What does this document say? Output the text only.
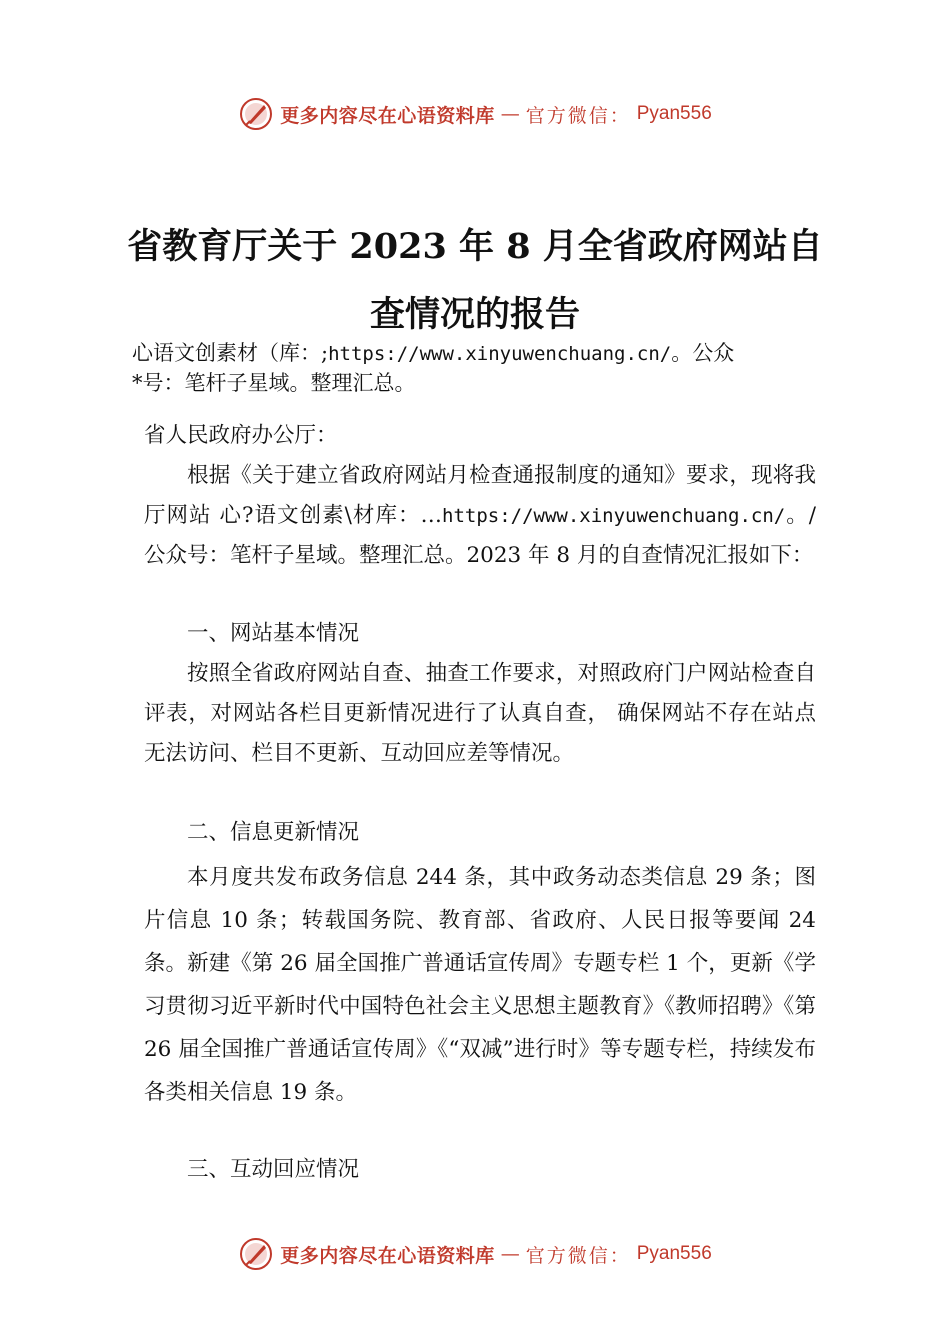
更多内容尽在心语资料库 — 官方微信： Pyan556
省教育厅关于 2023 年 8 月全省政府网站自
查情况的报告
心语文创素材（库：;https://www.xinyuwenchuang.cn/。公众
*号：笔杆子星域。整理汇总。
省人民政府办公厅：
根据《关于建立省政府网站月检查通报制度的通知》要求，现将我厅网站 心?语文创素\材库：…https://www.xinyuwenchuang.cn/。/公众号：笔杆子星域。整理汇总。2023 年 8 月的自查情况汇报如下：
一、网站基本情况
按照全省政府网站自查、抽查工作要求，对照政府门户网站检查自评表，对网站各栏目更新情况进行了认真自查， 确保网站不存在站点无法访问、栏目不更新、互动回应差等情况。
二、信息更新情况
本月度共发布政务信息 244 条，其中政务动态类信息 29 条；图片信息 10 条；转载国务院、教育部、省政府、人民日报等要闻 24 条。新建《第 26 届全国推广普通话宣传周》专题专栏 1 个，更新《学习贯彻习近平新时代中国特色社会主义思想主题教育》《教师招聘》《第 26 届全国推广普通话宣传周》《“双减”进行时》等专题专栏，持续发布各类相关信息 19 条。
三、互动回应情况
更多内容尽在心语资料库 — 官方微信： Pyan556
